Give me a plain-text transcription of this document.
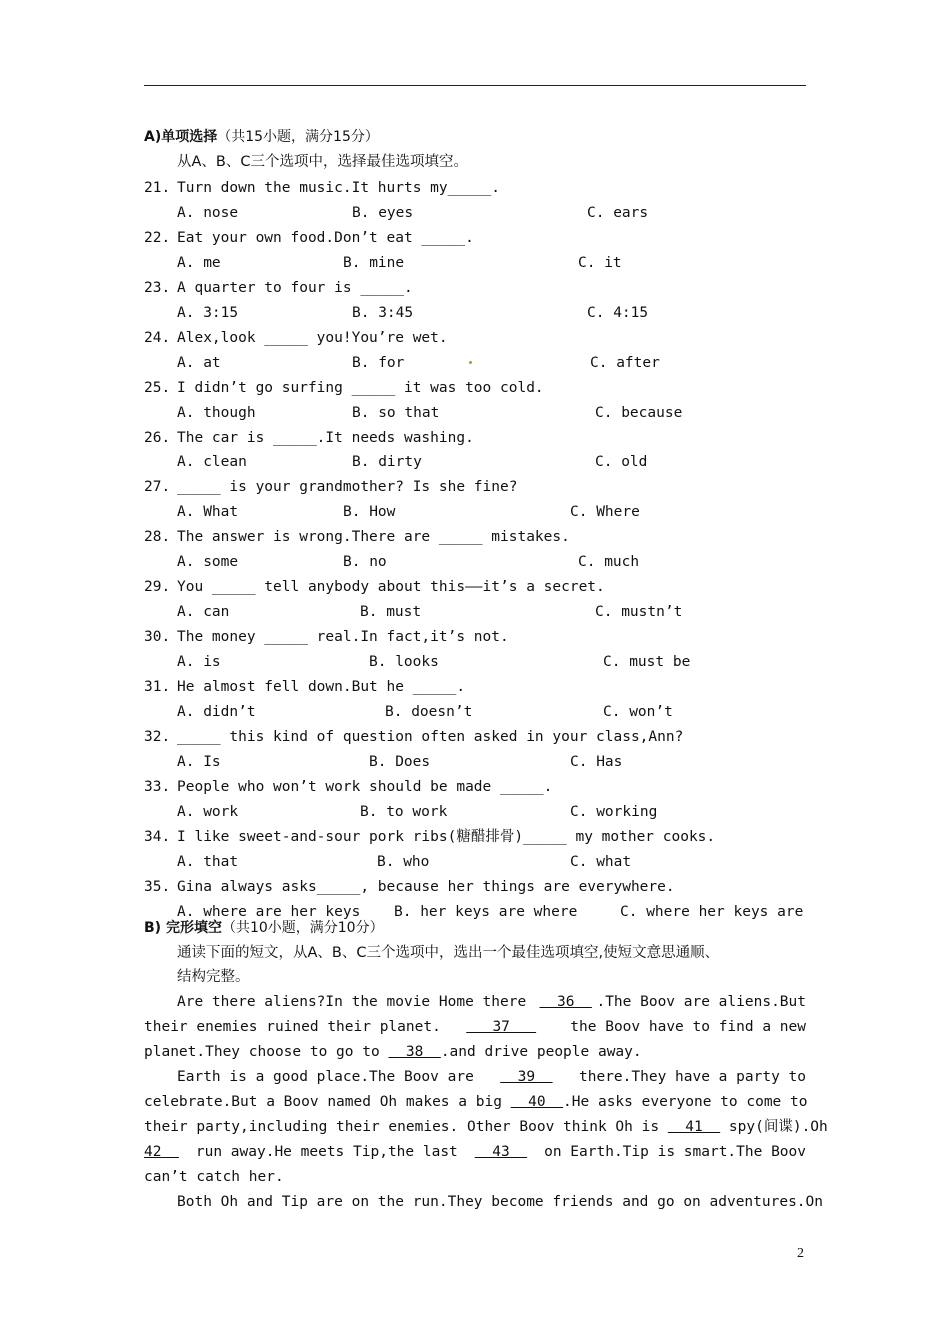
A)单项选择（共15小题，满分15分）
从A、B、C三个选项中，选择最佳选项填空。
21. Turn down the music.It hurts my_____.
A. nose	B. eyes	C. ears
22. Eat your own food.Don’t eat _____.
A. me	B. mine	C. it
23. A quarter to four is _____.
A. 3:15	B. 3:45	C. 4:15
24. Alex,look _____ you!You’re wet.
A. at	B. for	C. after
25. I didn’t go surfing _____ it was too cold.
A. though	B. so that	C. because
26. The car is _____.It needs washing.
A. clean	B. dirty	C. old
27. _____ is your grandmother? Is she fine?
A. What	B. How	C. Where
28. The answer is wrong.There are _____ mistakes.
A. some	B. no	C. much
29. You _____ tell anybody about this——it’s a secret.
A. can	B. must	C. mustn’t
30. The money _____ real.In fact,it’s not.
A. is	B. looks	C. must be
31. He almost fell down.But he _____.
A. didn’t	B. doesn’t	C. won’t
32. _____ this kind of question often asked in your class,Ann?
A. Is	B. Does	C. Has
33. People who won’t work should be made _____.
A. work	B. to work	C. working
34. I like sweet-and-sour pork ribs(糖醋排骨)_____ my mother cooks.
A. that	B. who	C. what
35. Gina always asks_____, because her things are everywhere.
A. where are her keys B. her keys are where	C. where her keys are
B) 完形填空（共10小题，满分10分）
通读下面的短文，从A、B、C三个选项中，选出一个最佳选项填空,使短文意思通顺、
结构完整。
Are there aliens?In the movie Home there 36 .The Boov are aliens.But
their enemies ruined their planet. 37 the Boov have to find a new
planet.They choose to go to   38  .and drive people away.
Earth is a good place.The Boov are 39 there.They have a party to
celebrate.But a Boov named Oh makes a big 40 .He asks everyone to come to
their party,including their enemies. Other Boov think Oh is 41 spy(间谍).Oh
42 run away.He meets Tip,the last 43 on Earth.Tip is smart.The Boov
can’t catch her.
Both Oh and Tip are on the run.They become friends and go on adventures.On
2
